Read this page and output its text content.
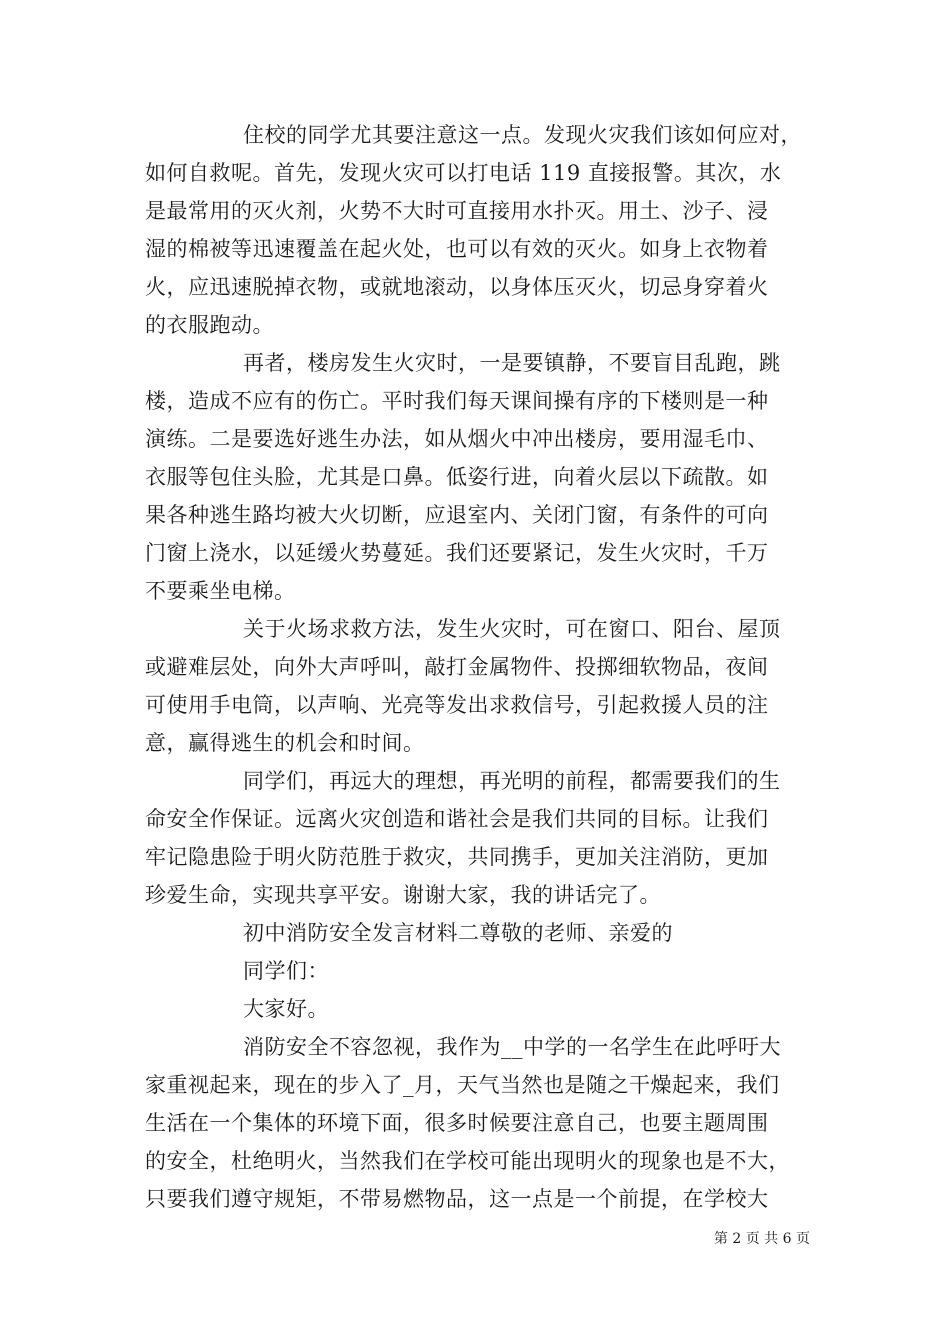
住校的同学尤其要注意这一点。发现火灾我们该如何应对，
如何自救呢。首先，发现火灾可以打电话 119 直接报警。其次，水
是最常用的灭火剂，火势不大时可直接用水扑灭。用土、沙子、浸
湿的棉被等迅速覆盖在起火处，也可以有效的灭火。如身上衣物着
火，应迅速脱掉衣物，或就地滚动，以身体压灭火，切忌身穿着火
的衣服跑动。
再者，楼房发生火灾时，一是要镇静，不要盲目乱跑，跳
楼，造成不应有的伤亡。平时我们每天课间操有序的下楼则是一种
演练。二是要选好逃生办法，如从烟火中冲出楼房，要用湿毛巾、
衣服等包住头脸，尤其是口鼻。低姿行进，向着火层以下疏散。如
果各种逃生路均被大火切断，应退室内、关闭门窗，有条件的可向
门窗上浇水，以延缓火势蔓延。我们还要紧记，发生火灾时，千万
不要乘坐电梯。
关于火场求救方法，发生火灾时，可在窗口、阳台、屋顶
或避难层处，向外大声呼叫，敲打金属物件、投掷细软物品，夜间
可使用手电筒，以声响、光亮等发出求救信号，引起救援人员的注
意，赢得逃生的机会和时间。
同学们，再远大的理想，再光明的前程，都需要我们的生
命安全作保证。远离火灾创造和谐社会是我们共同的目标。让我们
牢记隐患险于明火防范胜于救灾，共同携手，更加关注消防，更加
珍爱生命，实现共享平安。谢谢大家，我的讲话完了。
初中消防安全发言材料二尊敬的老师、亲爱的
同学们：
大家好。
消防安全不容忽视，我作为__中学的一名学生在此呼吁大
家重视起来，现在的步入了_月，天气当然也是随之干燥起来，我们
生活在一个集体的环境下面，很多时候要注意自己，也要主题周围
的安全，杜绝明火，当然我们在学校可能出现明火的现象也是不大，
只要我们遵守规矩，不带易燃物品，这一点是一个前提，在学校大
第 2 页 共 6 页
